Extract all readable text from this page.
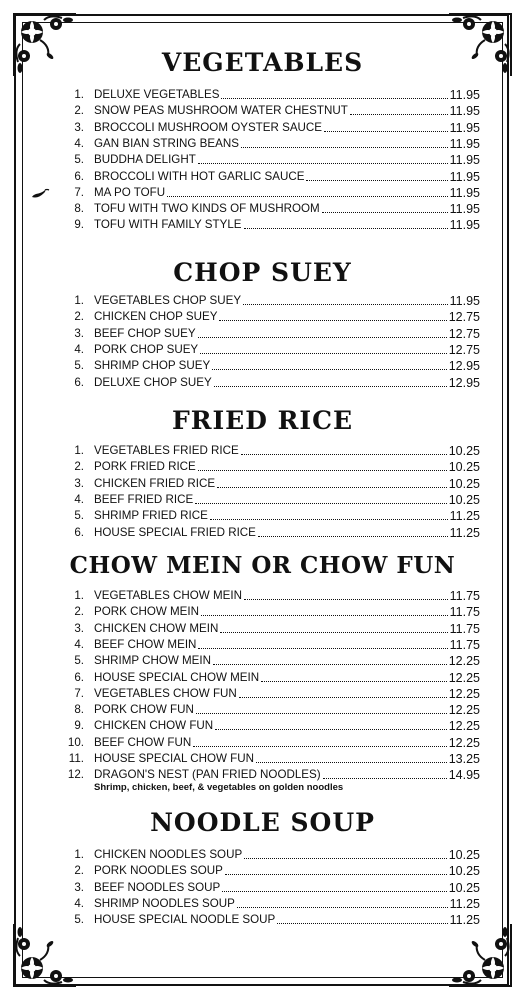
VEGETABLES
1. DELUXE VEGETABLES	11.95
2. SNOW PEAS MUSHROOM WATER CHESTNUT	11.95
3. BROCCOLI MUSHROOM OYSTER SAUCE	11.95
4. GAN BIAN STRING BEANS	11.95
5. BUDDHA DELIGHT	11.95
6. BROCCOLI WITH HOT GARLIC SAUCE	11.95
7. MA PO TOFU	11.95
8. TOFU WITH TWO KINDS OF MUSHROOM	11.95
9. TOFU WITH FAMILY STYLE	11.95
CHOP SUEY
1. VEGETABLES CHOP SUEY	11.95
2. CHICKEN CHOP SUEY	12.75
3. BEEF CHOP SUEY	12.75
4. PORK CHOP SUEY	12.75
5. SHRIMP CHOP SUEY	12.95
6. DELUXE CHOP SUEY	12.95
FRIED RICE
1. VEGETABLES FRIED RICE	10.25
2. PORK FRIED RICE	10.25
3. CHICKEN FRIED RICE	10.25
4. BEEF FRIED RICE	10.25
5. SHRIMP FRIED RICE	11.25
6. HOUSE SPECIAL FRIED RICE	11.25
CHOW MEIN OR CHOW FUN
1. VEGETABLES CHOW MEIN	11.75
2. PORK CHOW MEIN	11.75
3. CHICKEN CHOW MEIN	11.75
4. BEEF CHOW MEIN	11.75
5. SHRIMP CHOW MEIN	12.25
6. HOUSE SPECIAL CHOW MEIN	12.25
7. VEGETABLES CHOW FUN	12.25
8. PORK CHOW FUN	12.25
9. CHICKEN CHOW FUN	12.25
10. BEEF CHOW FUN	12.25
11. HOUSE SPECIAL CHOW FUN	13.25
12. DRAGON'S NEST (PAN FRIED NOODLES)	14.95
Shrimp, chicken, beef, & vegetables on golden noodles
NOODLE SOUP
1. CHICKEN NOODLES SOUP	10.25
2. PORK NOODLES SOUP	10.25
3. BEEF NOODLES SOUP	10.25
4. SHRIMP NOODLES SOUP	11.25
5. HOUSE SPECIAL NOODLE SOUP	11.25
